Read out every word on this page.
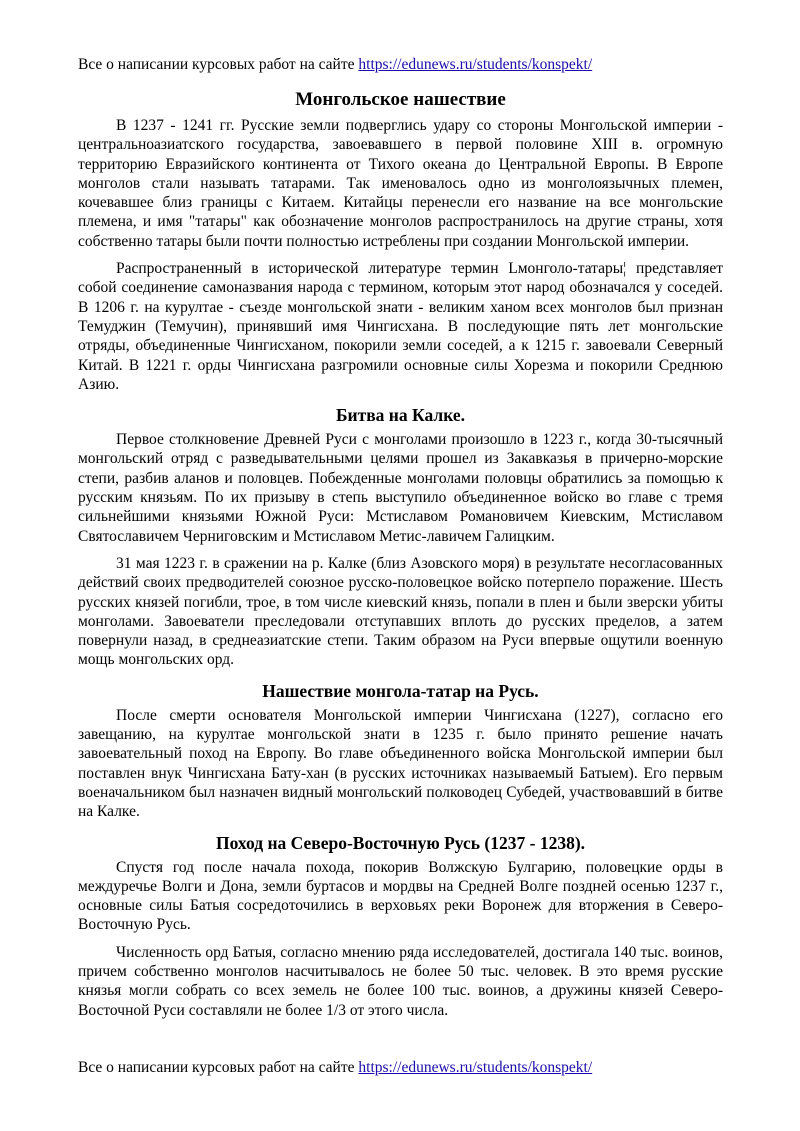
Все о написании курсовых работ на сайте https://edunews.ru/students/konspekt/
Монгольское нашествие

В 1237 - 1241 гг. Русские земли подверглись удару со стороны Монгольской империи - центральноазиатского государства, завоевавшего в первой половине XIII в. огромную территорию Евразийского континента от Тихого океана до Центральной Европы. В Европе монголов стали называть татарами. Так именовалось одно из монголоязычных племен, кочевавшее близ границы с Китаем. Китайцы перенесли его название на все монгольские племена, и имя "татары" как обозначение монголов распространилось на другие страны, хотя собственно татары были почти полностью истреблены при создании Монгольской империи.

Распространенный в исторической литературе термин Lмонголо-татары¦ представляет собой соединение самоназвания народа с термином, которым этот народ обозначался у соседей. В 1206 г. на курултае - съезде монгольской знати - великим ханом всех монголов был признан Темуджин (Темучин), принявший имя Чингисхана. В последующие пять лет монгольские отряды, объединенные Чингисханом, покорили земли соседей, а к 1215 г. завоевали Северный Китай. В 1221 г. орды Чингисхана разгромили основные силы Хорезма и покорили Среднюю Азию.

Битва на Калке.

Первое столкновение Древней Руси с монголами произошло в 1223 г., когда 30-тысячный монгольский отряд с разведывательными целями прошел из Закавказья в причерно-морские степи, разбив аланов и половцев. Побежденные монголами половцы обратились за помощью к русским князьям. По их призыву в степь выступило объединенное войско во главе с тремя сильнейшими князьями Южной Руси: Мстиславом Романовичем Киевским, Мстиславом Святославичем Черниговским и Мстиславом Метис-лавичем Галицким.

31 мая 1223 г. в сражении на р. Калке (близ Азовского моря) в результате несогласованных действий своих предводителей союзное русско-половецкое войско потерпело поражение. Шесть русских князей погибли, трое, в том числе киевский князь, попали в плен и были зверски убиты монголами. Завоеватели преследовали отступавших вплоть до русских пределов, а затем повернули назад, в среднеазиатские степи. Таким образом на Руси впервые ощутили военную мощь монгольских орд.

Нашествие монгола-татар на Русь.

После смерти основателя Монгольской империи Чингисхана (1227), согласно его завещанию, на курултае монгольской знати в 1235 г. было принято решение начать завоевательный поход на Европу. Во главе объединенного войска Монгольской империи был поставлен внук Чингисхана Бату-хан (в русских источниках называемый Батыем). Его первым военачальником был назначен видный монгольский полководец Субедей, участвовавший в битве на Калке.

Поход на Северо-Восточную Русь (1237 - 1238).

Спустя год после начала похода, покорив Волжскую Булгарию, половецкие орды в междуречье Волги и Дона, земли буртасов и мордвы на Средней Волге поздней осенью 1237 г., основные силы Батыя сосредоточились в верховьях реки Воронеж для вторжения в Северо-Восточную Русь.

Численность орд Батыя, согласно мнению ряда исследователей, достигала 140 тыс. воинов, причем собственно монголов насчитывалось не более 50 тыс. человек. В это время русские князья могли собрать со всех земель не более 100 тыс. воинов, а дружины князей Северо-Восточной Руси составляли не более 1/3 от этого числа.

Все о написании курсовых работ на сайте https://edunews.ru/students/konspekt/
